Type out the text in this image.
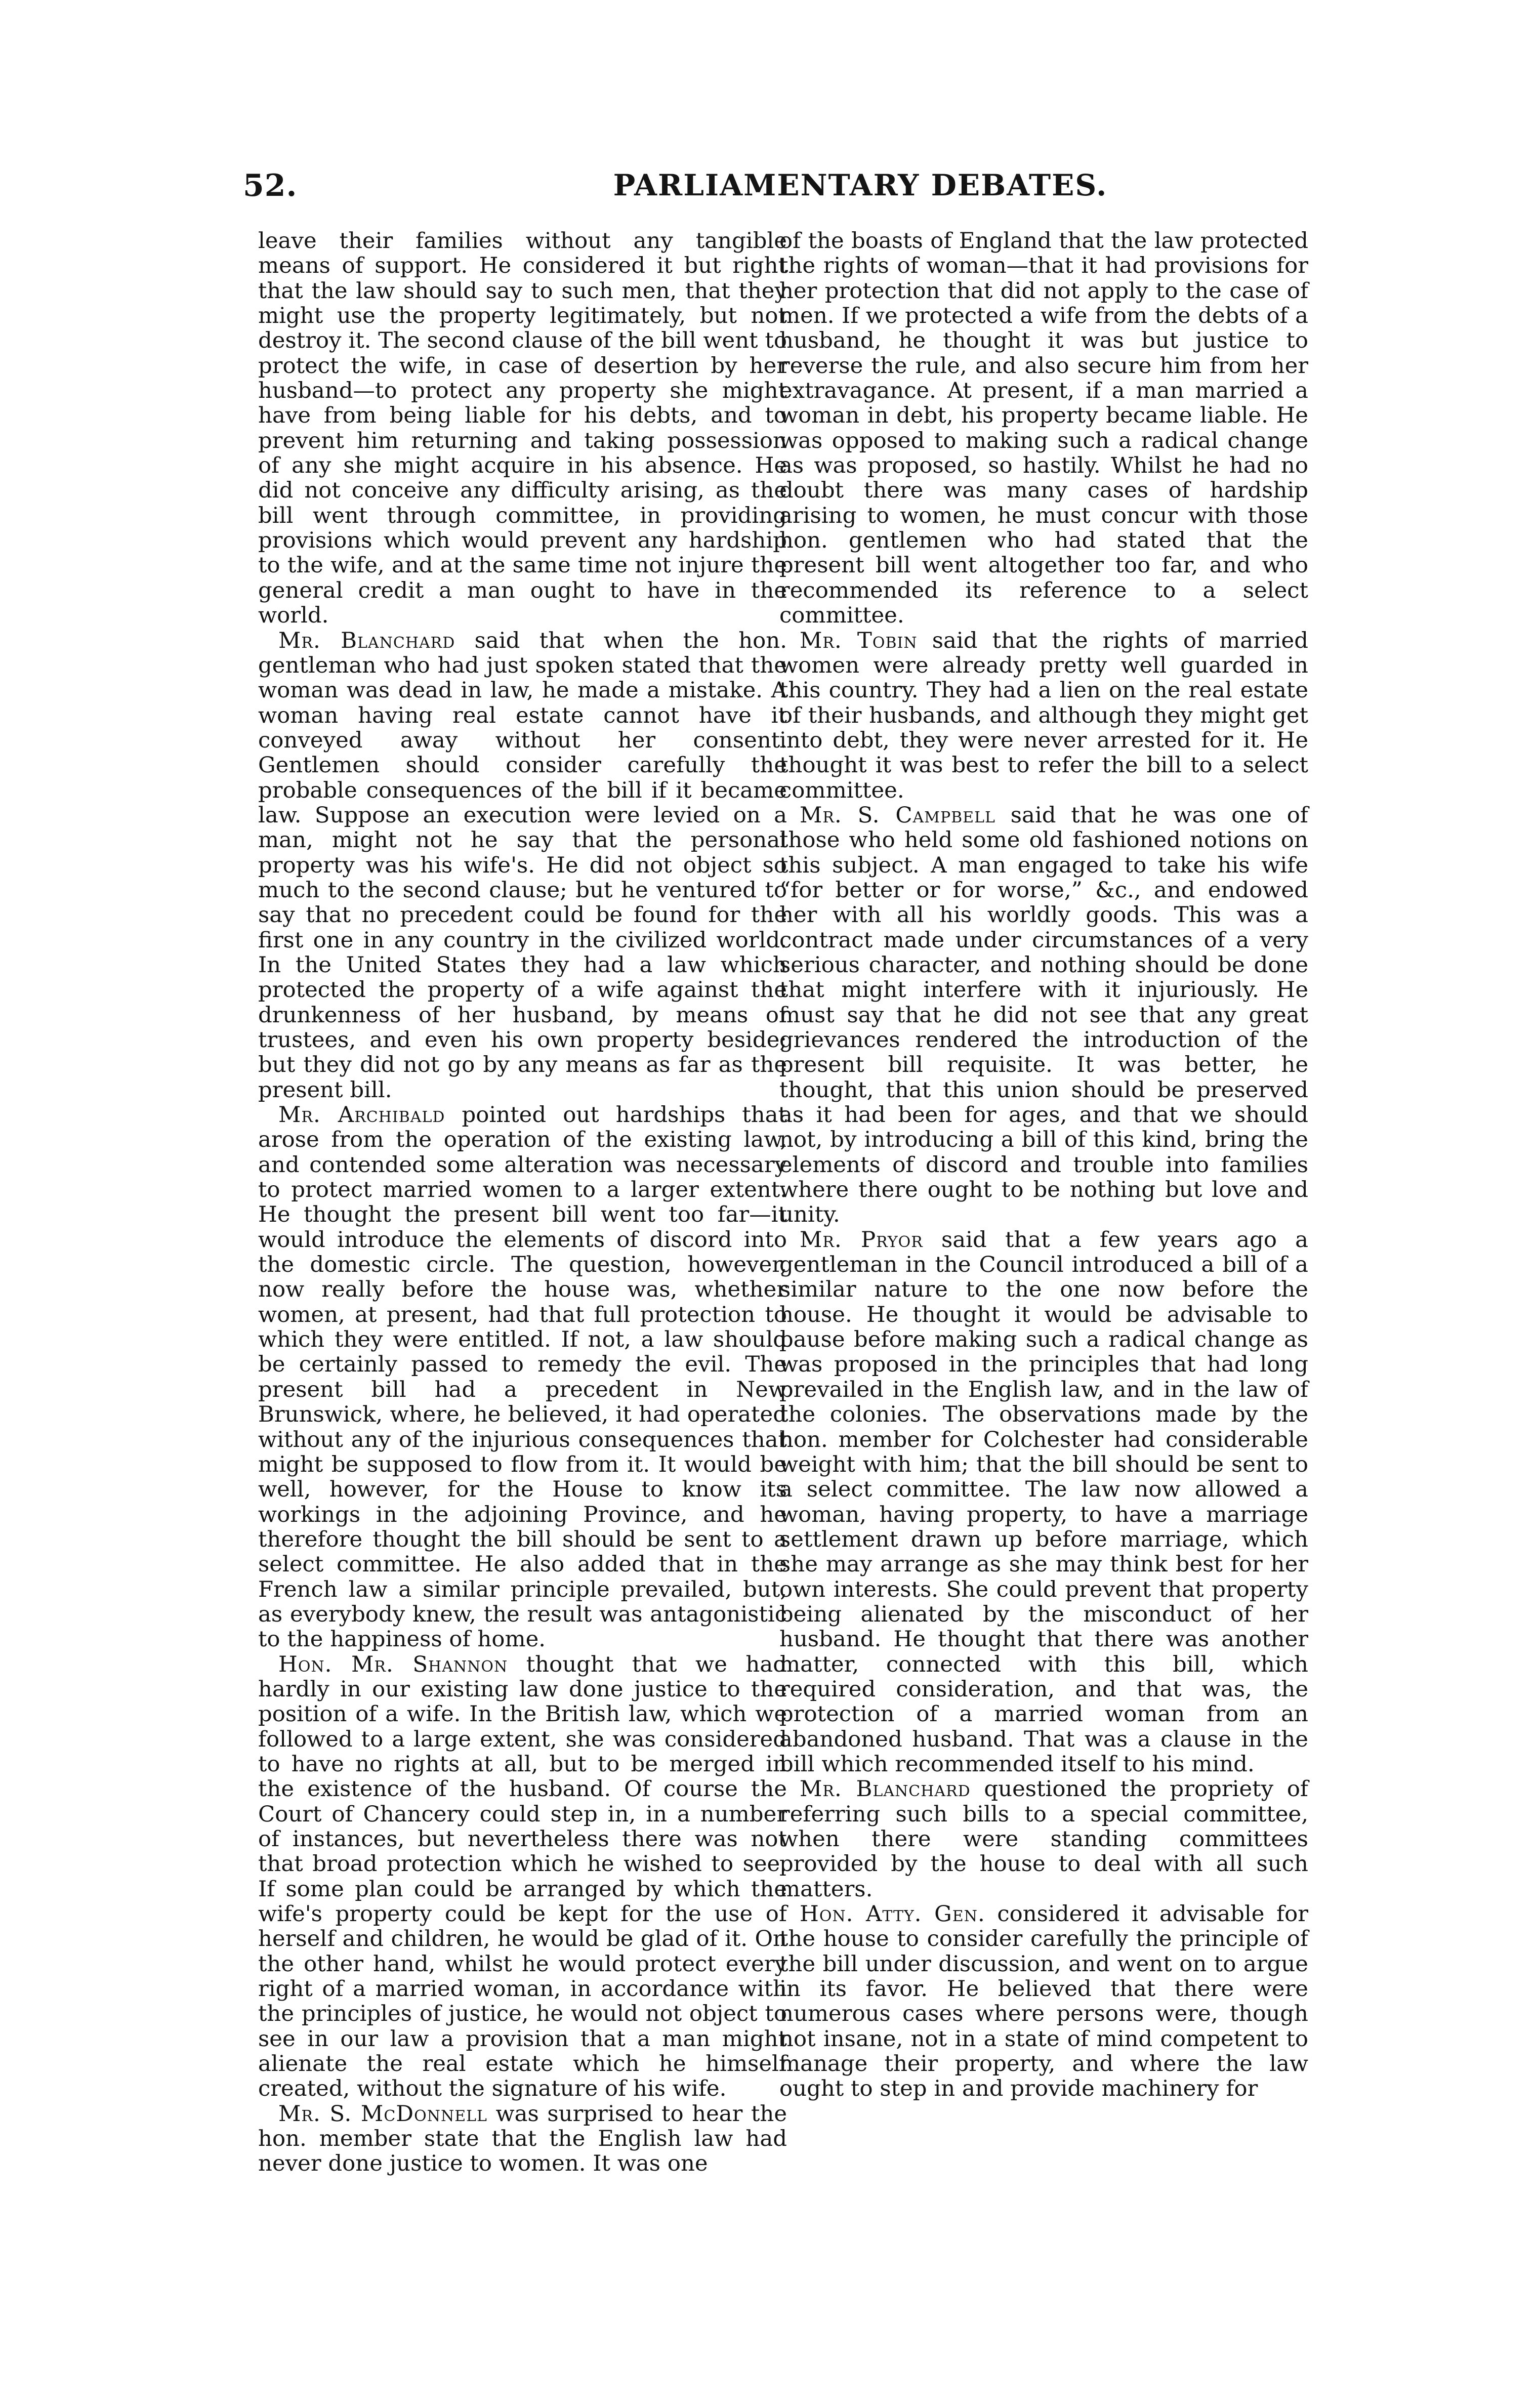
52.	PARLIAMENTARY DEBATES.

leave their families without any tangible means of support. He considered it but right that the law should say to such men, that they might use the property legitimately, but not destroy it. The second clause of the bill went to protect the wife, in case of desertion by her husband—to protect any property she might have from being liable for his debts, and to prevent him returning and taking possession of any she might acquire in his absence. He did not conceive any difficulty arising, as the bill went through committee, in providing provisions which would prevent any hardship to the wife, and at the same time not injure the general credit a man ought to have in the world.

Mr. Blanchard said that when the hon. gentleman who had just spoken stated that the woman was dead in law, he made a mistake. A woman having real estate cannot have it conveyed away without her consent. Gentlemen should consider carefully the probable consequences of the bill if it became law. Suppose an execution were levied on a man, might not he say that the personal property was his wife's. He did not object so much to the second clause; but he ventured to say that no precedent could be found for the first one in any country in the civilized world. In the United States they had a law which protected the property of a wife against the drunkenness of her husband, by means of trustees, and even his own property beside; but they did not go by any means as far as the present bill.

Mr. Archibald pointed out hardships that arose from the operation of the existing law, and contended some alteration was necessary to protect married women to a larger extent. He thought the present bill went too far—it would introduce the elements of discord into the domestic circle. The question, however, now really before the house was, whether women, at present, had that full protection to which they were entitled. If not, a law should be certainly passed to remedy the evil. The present bill had a precedent in New Brunswick, where, he believed, it had operated without any of the injurious consequences that might be supposed to flow from it. It would be well, however, for the House to know its workings in the adjoining Province, and he therefore thought the bill should be sent to a select committee. He also added that in the French law a similar principle prevailed, but, as everybody knew, the result was antagonistic to the happiness of home.

Hon. Mr. Shannon thought that we had hardly in our existing law done justice to the position of a wife. In the British law, which we followed to a large extent, she was considered to have no rights at all, but to be merged in the existence of the husband. Of course the Court of Chancery could step in, in a number of instances, but nevertheless there was not that broad protection which he wished to see. If some plan could be arranged by which the wife's property could be kept for the use of herself and children, he would be glad of it. On the other hand, whilst he would protect every right of a married woman, in accordance with the principles of justice, he would not object to see in our law a provision that a man might alienate the real estate which he himself created, without the signature of his wife.

Mr. S. McDonnell was surprised to hear the hon. member state that the English law had never done justice to women. It was one

of the boasts of England that the law protected the rights of woman—that it had provisions for her protection that did not apply to the case of men. If we protected a wife from the debts of a husband, he thought it was but justice to reverse the rule, and also secure him from her extravagance. At present, if a man married a woman in debt, his property became liable. He was opposed to making such a radical change as was proposed, so hastily. Whilst he had no doubt there was many cases of hardship arising to women, he must concur with those hon. gentlemen who had stated that the present bill went altogether too far, and who recommended its reference to a select committee.

Mr. Tobin said that the rights of married women were already pretty well guarded in this country. They had a lien on the real estate of their husbands, and although they might get into debt, they were never arrested for it. He thought it was best to refer the bill to a select committee.

Mr. S. Campbell said that he was one of those who held some old fashioned notions on this subject. A man engaged to take his wife “for better or for worse,” &c., and endowed her with all his worldly goods. This was a contract made under circumstances of a very serious character, and nothing should be done that might interfere with it injuriously. He must say that he did not see that any great grievances rendered the introduction of the present bill requisite. It was better, he thought, that this union should be preserved as it had been for ages, and that we should not, by introducing a bill of this kind, bring the elements of discord and trouble into families where there ought to be nothing but love and unity.

Mr. Pryor said that a few years ago a gentleman in the Council introduced a bill of a similar nature to the one now before the house. He thought it would be advisable to pause before making such a radical change as was proposed in the principles that had long prevailed in the English law, and in the law of the colonies. The observations made by the hon. member for Colchester had considerable weight with him; that the bill should be sent to a select committee. The law now allowed a woman, having property, to have a marriage settlement drawn up before marriage, which she may arrange as she may think best for her own interests. She could prevent that property being alienated by the misconduct of her husband. He thought that there was another matter, connected with this bill, which required consideration, and that was, the protection of a married woman from an abandoned husband. That was a clause in the bill which recommended itself to his mind.

Mr. Blanchard questioned the propriety of referring such bills to a special committee, when there were standing committees provided by the house to deal with all such matters.

Hon. Atty. Gen. considered it advisable for the house to consider carefully the principle of the bill under discussion, and went on to argue in its favor. He believed that there were numerous cases where persons were, though not insane, not in a state of mind competent to manage their property, and where the law ought to step in and provide machinery for
